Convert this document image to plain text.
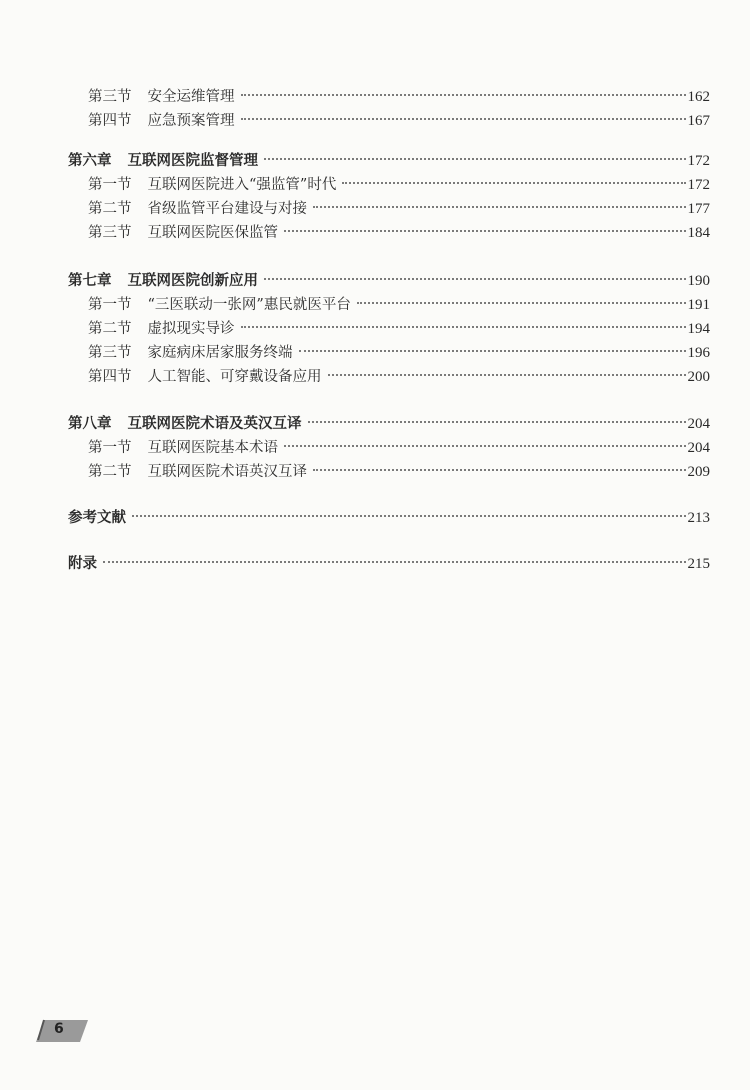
第三节 安全运维管理	162
第四节 应急预案管理	167
第六章 互联网医院监督管理	172
第一节 互联网医院进入“强监管”时代	172
第二节 省级监管平台建设与对接	177
第三节 互联网医院医保监管	184
第七章 互联网医院创新应用	190
第一节 “三医联动一张网”惠民就医平台	191
第二节 虚拟现实导诊	194
第三节 家庭病床居家服务终端	196
第四节 人工智能、可穿戴设备应用	200
第八章 互联网医院术语及英汉互译	204
第一节 互联网医院基本术语	204
第二节 互联网医院术语英汉互译	209
参考文献	213
附录	215
6
